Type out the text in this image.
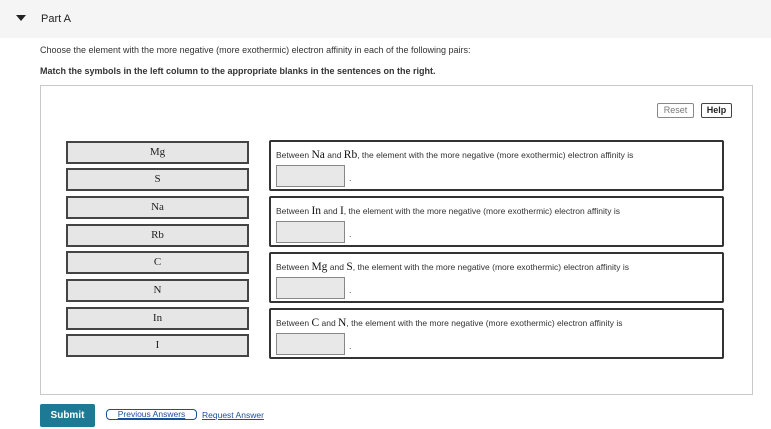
Part A
Choose the element with the more negative (more exothermic) electron affinity in each of the following pairs:
Match the symbols in the left column to the appropriate blanks in the sentences on the right.
Reset	Help
Mg
S
Na
Rb
C
N
In
I
Between Na and Rb, the element with the more negative (more exothermic) electron affinity is
.
Between In and I, the element with the more negative (more exothermic) electron affinity is
.
Between Mg and S, the element with the more negative (more exothermic) electron affinity is
.
Between C and N, the element with the more negative (more exothermic) electron affinity is
.
Submit	Previous Answers	Request Answer
